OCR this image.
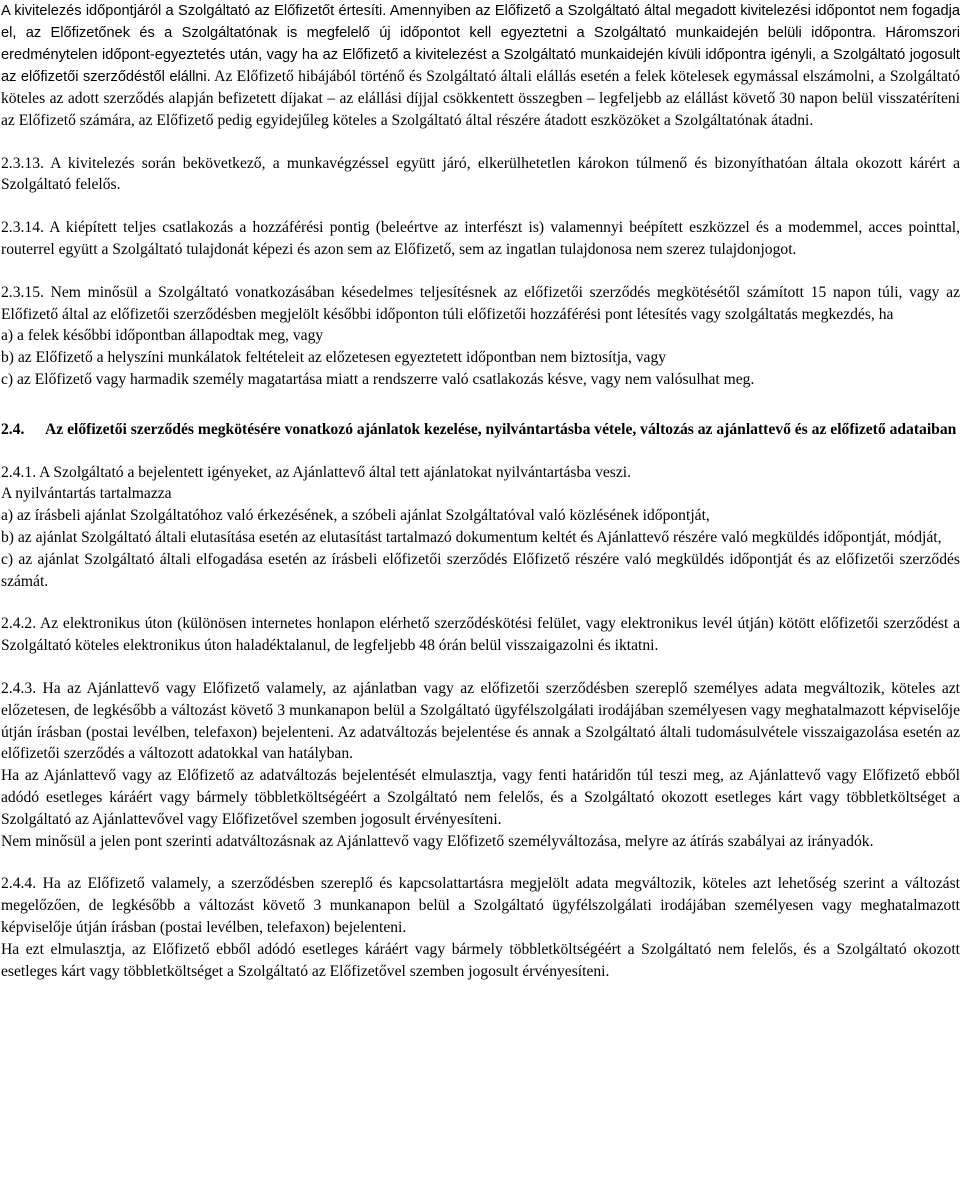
A kivitelezés időpontjáról a Szolgáltató az Előfizetőt értesíti. Amennyiben az Előfizető a Szolgáltató által megadott kivitelezési időpontot nem fogadja el, az Előfizetőnek és a Szolgáltatónak is megfelelő új időpontot kell egyeztetni a Szolgáltató munkaidején belüli időpontra. Háromszori eredménytelen időpont-egyeztetés után, vagy ha az Előfizető a kivitelezést a Szolgáltató munkaidején kívüli időpontra igényli, a Szolgáltató jogosult az előfizetői szerződéstől elállni. Az Előfizető hibájából történő és Szolgáltató általi elállás esetén a felek kötelesek egymással elszámolni, a Szolgáltató köteles az adott szerződés alapján befizetett díjakat – az elállási díjjal csökkentett összegben – legfeljebb az elállást követő 30 napon belül visszatéríteni az Előfizető számára, az Előfizető pedig egyidejűleg köteles a Szolgáltató által részére átadott eszközöket a Szolgáltatónak átadni.

2.3.13. A kivitelezés során bekövetkező, a munkavégzéssel együtt járó, elkerülhetetlen károkon túlmenő és bizonyíthatóan általa okozott kárért a Szolgáltató felelős.

2.3.14. A kiépített teljes csatlakozás a hozzáférési pontig (beleértve az interfészt is) valamennyi beépített eszközzel és a modemmel, acces pointtal, routerrel együtt a Szolgáltató tulajdonát képezi és azon sem az Előfizető, sem az ingatlan tulajdonosa nem szerez tulajdonjogot.

2.3.15. Nem minősül a Szolgáltató vonatkozásában késedelmes teljesítésnek az előfizetői szerződés megkötésétől számított 15 napon túli, vagy az Előfizető által az előfizetői szerződésben megjelölt későbbi időponton túli előfizetői hozzáférési pont létesítés vagy szolgáltatás megkezdés, ha

a) a felek későbbi időpontban állapodtak meg, vagy

b) az Előfizető a helyszíni munkálatok feltételeit az előzetesen egyeztetett időpontban nem biztosítja, vagy

c) az Előfizető vagy harmadik személy magatartása miatt a rendszerre való csatlakozás késve, vagy nem valósulhat meg.

2.4.	Az előfizetői szerződés megkötésére vonatkozó ajánlatok kezelése, nyilvántartásba vétele, változás az ajánlattevő és az előfizető adataiban

2.4.1. A Szolgáltató a bejelentett igényeket, az Ajánlattevő által tett ajánlatokat nyilvántartásba veszi.

A nyilvántartás tartalmazza

a) az írásbeli ajánlat Szolgáltatóhoz való érkezésének, a szóbeli ajánlat Szolgáltatóval való közlésének időpontját,

b) az ajánlat Szolgáltató általi elutasítása esetén az elutasítást tartalmazó dokumentum keltét és Ajánlattevő részére való megküldés időpontját, módját,

c) az ajánlat Szolgáltató általi elfogadása esetén az írásbeli előfizetői szerződés Előfizető részére való megküldés időpontját és az előfizetői szerződés számát.

2.4.2. Az elektronikus úton (különösen internetes honlapon elérhető szerződéskötési felület, vagy elektronikus levél útján) kötött előfizetői szerződést a Szolgáltató köteles elektronikus úton haladéktalanul, de legfeljebb 48 órán belül visszaigazolni és iktatni.

2.4.3. Ha az Ajánlattevő vagy Előfizető valamely, az ajánlatban vagy az előfizetői szerződésben szereplő személyes adata megváltozik, köteles azt előzetesen, de legkésőbb a változást követő 3 munkanapon belül a Szolgáltató ügyfélszolgálati irodájában személyesen vagy meghatalmazott képviselője útján írásban (postai levélben, telefaxon) bejelenteni. Az adatváltozás bejelentése és annak a Szolgáltató általi tudomásulvétele visszaigazolása esetén az előfizetői szerződés a változott adatokkal van hatályban.

Ha az Ajánlattevő vagy az Előfizető az adatváltozás bejelentését elmulasztja, vagy fenti határidőn túl teszi meg, az Ajánlattevő vagy Előfizető ebből adódó esetleges káráért vagy bármely többletköltségéért a Szolgáltató nem felelős, és a Szolgáltató okozott esetleges kárt vagy többletköltséget a Szolgáltató az Ajánlattevővel vagy Előfizetővel szemben jogosult érvényesíteni.

Nem minősül a jelen pont szerinti adatváltozásnak az Ajánlattevő vagy Előfizető személyváltozása, melyre az átírás szabályai az irányadók.

2.4.4. Ha az Előfizető valamely, a szerződésben szereplő és kapcsolattartásra megjelölt adata megváltozik, köteles azt lehetőség szerint a változást megelőzően, de legkésőbb a változást követő 3 munkanapon belül a Szolgáltató ügyfélszolgálati irodájában személyesen vagy meghatalmazott képviselője útján írásban (postai levélben, telefaxon) bejelenteni.

Ha ezt elmulasztja, az Előfizető ebből adódó esetleges káráért vagy bármely többletköltségéért a Szolgáltató nem felelős, és a Szolgáltató okozott esetleges kárt vagy többletköltséget a Szolgáltató az Előfizetővel szemben jogosult érvényesíteni.
